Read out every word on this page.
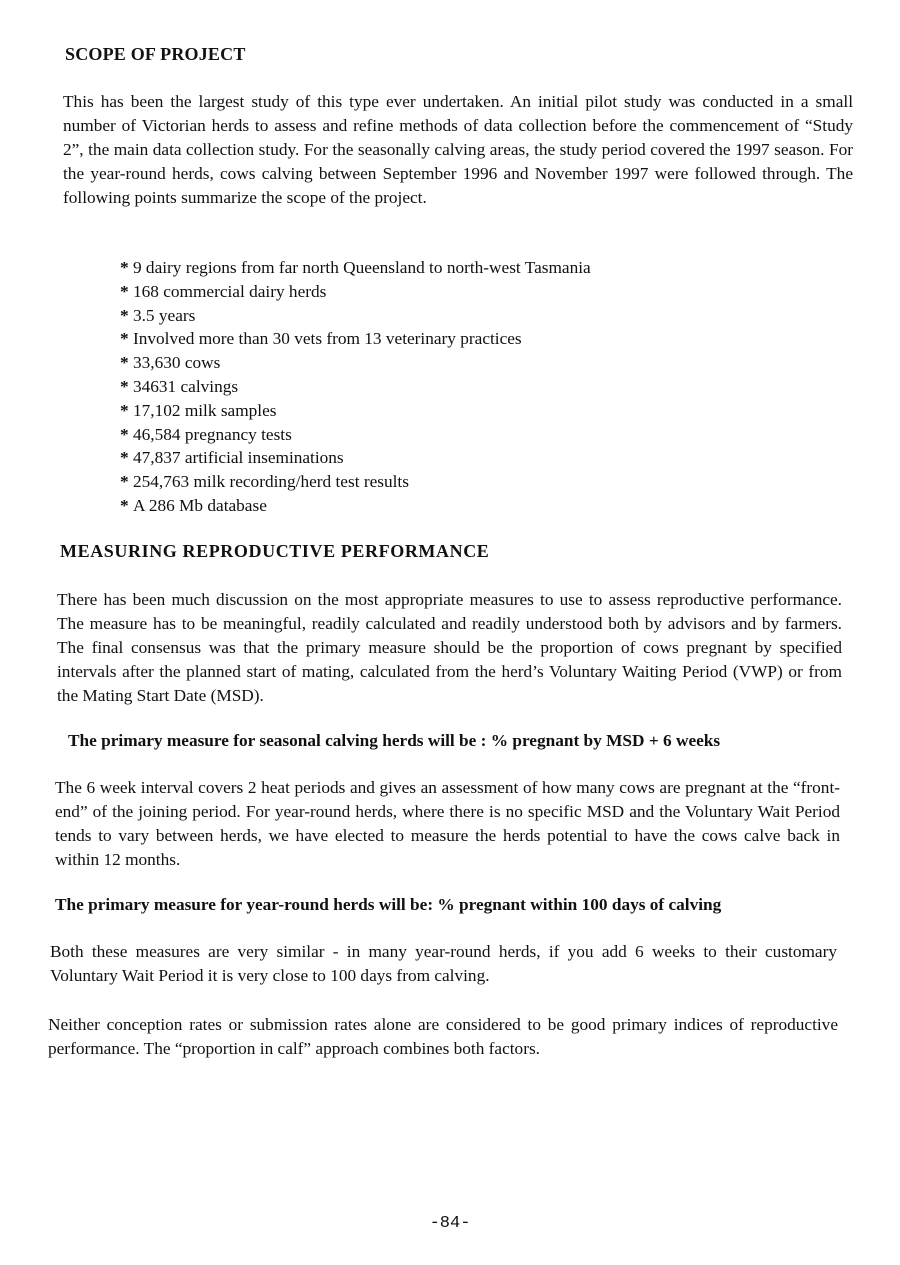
SCOPE OF PROJECT

This has been the largest study of this type ever undertaken. An initial pilot study was conducted in a small number of Victorian herds to assess and refine methods of data collection before the commencement of “Study 2”, the main data collection study. For the seasonally calving areas, the study period covered the 1997 season. For the year-round herds, cows calving between September 1996 and November 1997 were followed through. The following points summarize the scope of the project.

* 9 dairy regions from far north Queensland to north-west Tasmania
* 168 commercial dairy herds
* 3.5 years
* Involved more than 30 vets from 13 veterinary practices
* 33,630 cows
* 34631 calvings
* 17,102 milk samples
* 46,584 pregnancy tests
* 47,837 artificial inseminations
* 254,763 milk recording/herd test results
* A 286 Mb database
MEASURING REPRODUCTIVE PERFORMANCE

There has been much discussion on the most appropriate measures to use to assess reproductive performance. The measure has to be meaningful, readily calculated and readily understood both by advisors and by farmers. The final consensus was that the primary measure should be the proportion of cows pregnant by specified intervals after the planned start of mating, calculated from the herd’s Voluntary Waiting Period (VWP) or from the Mating Start Date (MSD).

The primary measure for seasonal calving herds will be : % pregnant by MSD + 6 weeks

The 6 week interval covers 2 heat periods and gives an assessment of how many cows are pregnant at the “front-end” of the joining period. For year-round herds, where there is no specific MSD and the Voluntary Wait Period tends to vary between herds, we have elected to measure the herds potential to have the cows calve back in within 12 months.

The primary measure for year-round herds will be: % pregnant within 100 days of calving

Both these measures are very similar - in many year-round herds, if you add 6 weeks to their customary Voluntary Wait Period it is very close to 100 days from calving.

Neither conception rates or submission rates alone are considered to be good primary indices of reproductive performance. The “proportion in calf” approach combines both factors.

-84-
